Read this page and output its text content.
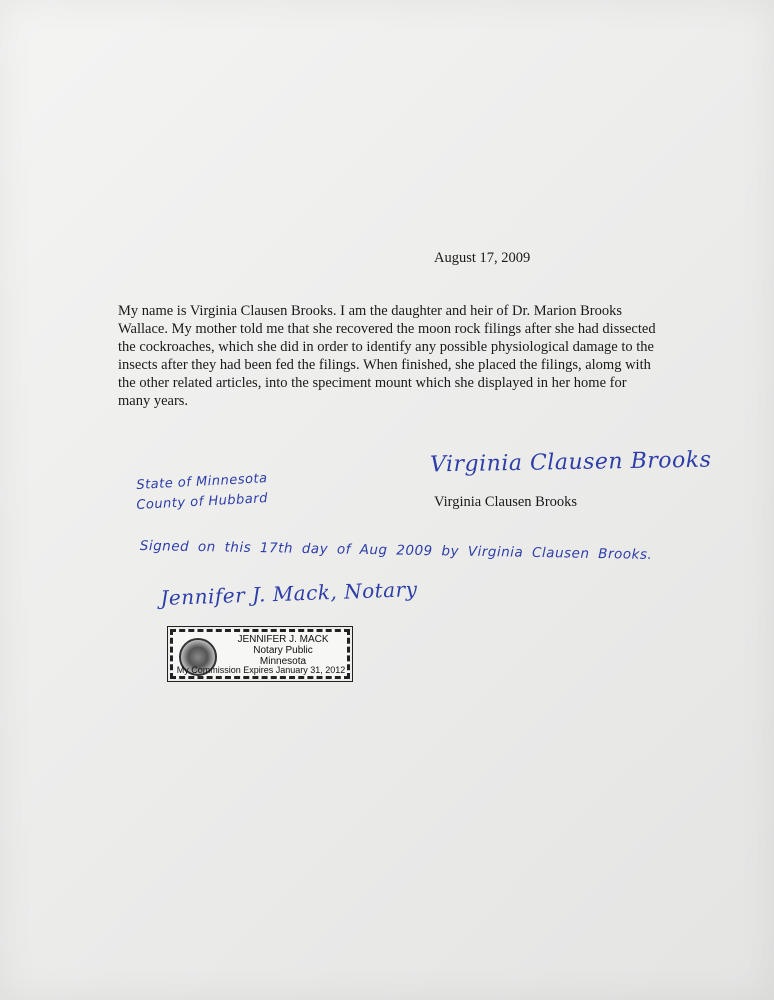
August 17, 2009

My name is Virginia Clausen Brooks. I am the daughter and heir of Dr. Marion Brooks Wallace. My mother told me that she recovered the moon rock filings after she had dissected the cockroaches, which she did in order to identify any possible physiological damage to the insects after they had been fed the filings. When finished, she placed the filings, alomg with the other related articles, into the speciment mount which she displayed in her home for many years.

Virginia Clausen Brooks
Virginia Clausen Brooks
State of Minnesota
County of Hubbard
Signed on this 17th day of Aug 2009 by Virginia Clausen Brooks.
Jennifer J. Mack, Notary
JENNIFER J. MACK
Notary Public
Minnesota
My Commission Expires January 31, 2012
